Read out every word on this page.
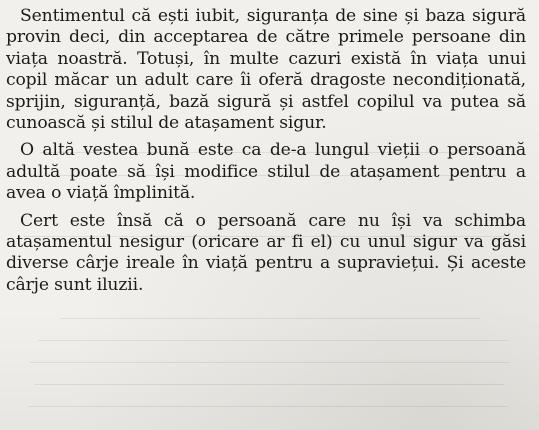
Sentimentul că ești iubit, siguranța de sine și baza sigură provin deci, din acceptarea de către primele persoane din viața noastră. Totuși, în multe cazuri există în viața unui copil măcar un adult care îi oferă dragoste necondiționată, sprijin, siguranță, bază sigură și astfel copilul va putea să cunoască și stilul de atașament sigur.

O altă vestea bună este ca de-a lungul vieții o persoană adultă poate să își modifice stilul de atașament pentru a avea o viață împlinită.

Cert este însă că o persoană care nu își va schimba atașamentul nesigur (oricare ar fi el) cu unul sigur va găsi diverse cârje ireale în viață pentru a supraviețui. Și aceste cârje sunt iluzii.
